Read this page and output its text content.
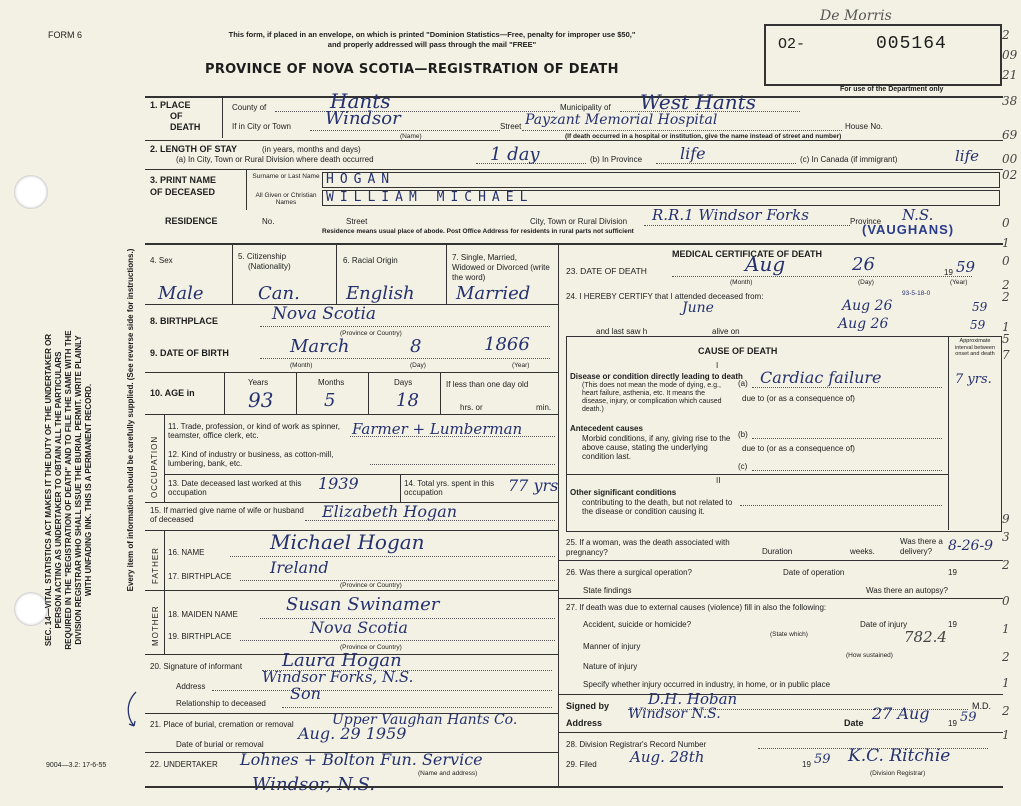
FORM 6	This form, if placed in an envelope, on which is printed "Dominion Statistics—Free, penalty for improper use $50," and properly addressed will pass through the mail "FREE"
PROVINCE OF NOVA SCOTIA—REGISTRATION OF DEATH
O2-	005164
De Morris
For use of the Department only
SEC. 14—VITAL STATISTICS ACT MAKES IT THE DUTY OF THE UNDERTAKER OR PERSON ACTING AS UNDERTAKER TO OBTAIN ALL THE PARTICULARS REQUIRED IN THE "REGISTRATION OF DEATH" AND TO FILE THE SAME WITH THE DIVISION REGISTRAR WHO SHALL ISSUE THE BURIAL PERMIT. WRITE PLAINLY WITH UNFADING INK. THIS IS A PERMANENT RECORD.	Every item of information should be carefully supplied. (See reverse side for instructions.)
1. PLACE
OF
DEATH
County of	Hants	Municipality of West Hants
If in City or Town Windsor
(Name)
Street Payzant Memorial Hospital	House No.
(If death occurred in a hospital or institution, give the name instead of street and number)
2. LENGTH OF STAY	(in years, months and days)
(a) In City, Town or Rural Division where death occurred	1 day	(b) In Province life	(c) In Canada (if immigrant)	life
3. PRINT NAME
OF DECEASED
Surname or Last Name HOGAN
All Given or Christian Names	WILLIAM MICHAEL
RESIDENCE	No.	Street	City, Town or Rural Division R.R.1 Windsor Forks	Province N.S.
Residence means usual place of abode. Post Office Address for residents in rural parts not sufficient	(VAUGHANS)
4. Sex
Male
5. Citizenship
(Nationality)
Can.
6. Racial Origin
English
7. Single, Married, Widowed or Divorced (write the word)
Married
8. BIRTHPLACE	Nova Scotia
(Province or Country)
9. DATE OF BIRTH	March	8	1866
(Month)	(Day)	(Year)
10. AGE in
Years	Months	Days
93	5	18
If less than one day old
hrs. or	min.
OCCUPATION
11. Trade, profession, or kind of work as spinner, teamster, office clerk, etc.	Farmer + Lumberman
12. Kind of industry or business, as cotton-mill, lumbering, bank, etc.
13. Date deceased last worked at this occupation	1939	14. Total yrs. spent in this occupation	77 yrs
15. If married give name of wife or husband of deceased	Elizabeth Hogan
FATHER 16. NAME	Michael Hogan
17. BIRTHPLACE Ireland
(Province or Country)
MOTHER 18. MAIDEN NAME	Susan Swinamer
19. BIRTHPLACE	Nova Scotia
(Province or Country)
20. Signature of informant Laura Hogan
Address
Windsor Forks, N.S.
Relationship to deceased
Son
21. Place of burial, cremation or removal	Upper Vaughan Hants Co.
Date of burial or removal
Aug. 29 1959
22. UNDERTAKER Lohnes + Bolton Fun. Service
(Name and address)
Windsor, N.S.
MEDICAL CERTIFICATE OF DEATH
23. DATE OF DEATH	Aug	26	19 59
(Month)	(Day)	(Year)
24. I HEREBY CERTIFY that I attended deceased from:	93-5-18-0
June	Aug 26	59
and last saw h	alive on	Aug 26	59
CAUSE OF DEATH
Approximate interval between onset and death
I
Disease or condition directly leading to death
(This does not mean the mode of dying, e.g., heart failure, asthenia, etc. It means the disease, injury, or complication which caused death.)
(a) Cardiac failure	7 yrs.
due to (or as a consequence of)
Antecedent causes
Morbid conditions, if any, giving rise to the above cause, stating the underlying condition last.
(b)
due to (or as a consequence of)
(c)
II
Other significant conditions
contributing to the death, but not related to the disease or condition causing it.
25. If a woman, was the death associated with pregnancy?	Duration	weeks.
Was there a delivery?	8-26-9
26. Was there a surgical operation?	Date of operation	19
State findings	Was there an autopsy?
27. If death was due to external causes (violence) fill in also the following:
Accident, suicide or homicide?	Date of injury	19
(State which)
Manner of injury
782.4
(How sustained)
Nature of injury
Specify whether injury occurred in industry, in home, or in public place
Signed by	D.H. Hoban	M.D.
Address
Windsor N.S.
Date 27 Aug
19 59
28. Division Registrar's Record Number
29. Filed Aug. 28th	19 59 K.C. Ritchie
(Division Registrar)
9004—3.2: 17-6-55
2
09
21
38
69
00
02
0
1
0
2
2
1
5
7
9
3
2
0
1
2
1
2
1
